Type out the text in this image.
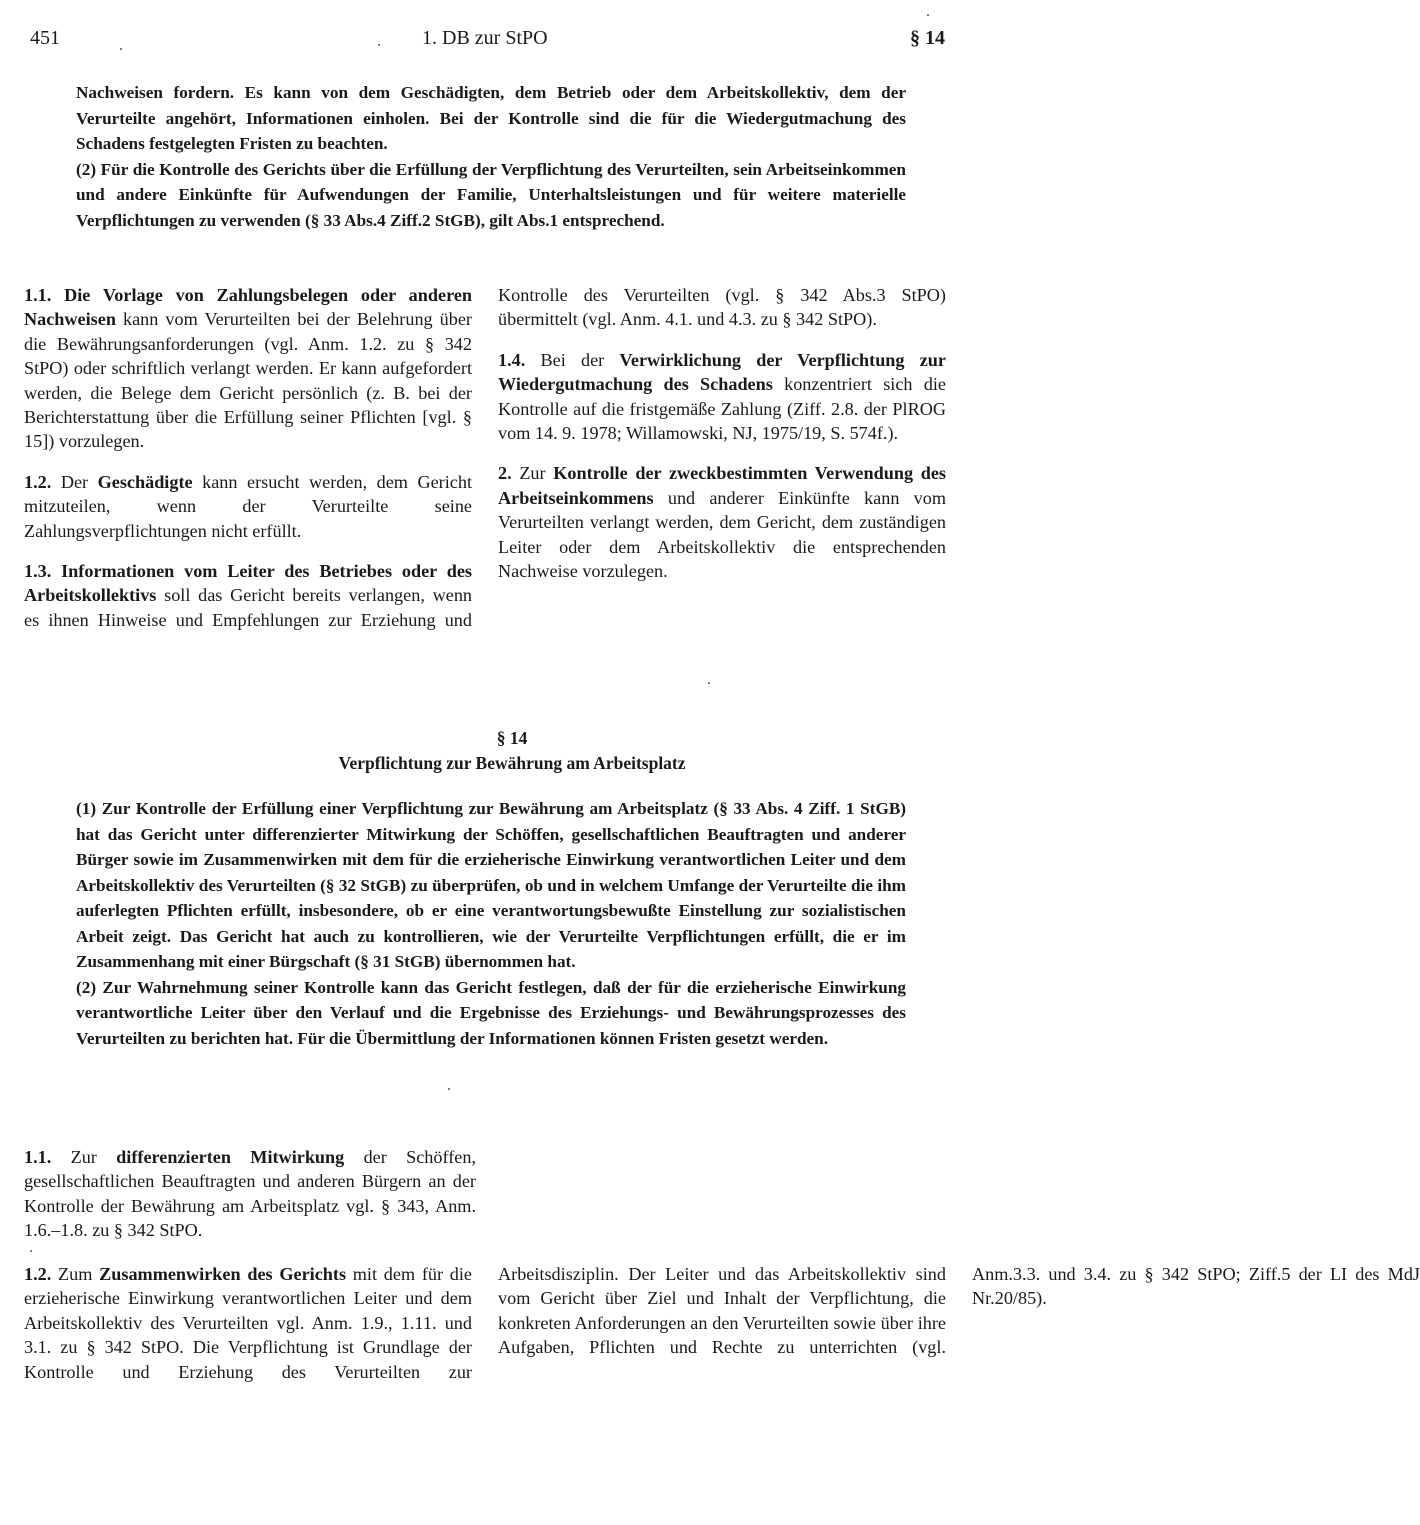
451	1. DB zur StPO	§ 14

Nachweisen fordern. Es kann von dem Geschädigten, dem Betrieb oder dem Arbeitskollektiv, dem der Verurteilte angehört, Informationen einholen. Bei der Kontrolle sind die für die Wiedergutmachung des Schadens festgelegten Fristen zu beachten.

(2) Für die Kontrolle des Gerichts über die Erfüllung der Verpflichtung des Verurteilten, sein Arbeitseinkommen und andere Einkünfte für Aufwendungen der Familie, Unterhaltsleistungen und für weitere materielle Verpflichtungen zu verwenden (§ 33 Abs.4 Ziff.2 StGB), gilt Abs.1 entsprechend.

1.1. Die Vorlage von Zahlungsbelegen oder anderen Nachweisen kann vom Verurteilten bei der Belehrung über die Bewährungsanforderungen (vgl. Anm. 1.2. zu § 342 StPO) oder schriftlich verlangt werden. Er kann aufgefordert werden, die Belege dem Gericht persönlich (z. B. bei der Berichterstattung über die Erfüllung seiner Pflichten [vgl. § 15]) vorzulegen.

1.2. Der Geschädigte kann ersucht werden, dem Gericht mitzuteilen, wenn der Verurteilte seine Zahlungsverpflichtungen nicht erfüllt.

1.3. Informationen vom Leiter des Betriebes oder des Arbeitskollektivs soll das Gericht bereits verlangen, wenn es ihnen Hinweise und Empfehlungen zur Erziehung und Kontrolle des Verurteilten (vgl. § 342 Abs.3 StPO) übermittelt (vgl. Anm. 4.1. und 4.3. zu § 342 StPO).

1.4. Bei der Verwirklichung der Verpflichtung zur Wiedergutmachung des Schadens konzentriert sich die Kontrolle auf die fristgemäße Zahlung (Ziff. 2.8. der PlROG vom 14. 9. 1978; Willamowski, NJ, 1975/19, S. 574f.).

2. Zur Kontrolle der zweckbestimmten Verwendung des Arbeitseinkommens und anderer Einkünfte kann vom Verurteilten verlangt werden, dem Gericht, dem zuständigen Leiter oder dem Arbeitskollektiv die entsprechenden Nachweise vorzulegen.

§ 14
Verpflichtung zur Bewährung am Arbeitsplatz

(1) Zur Kontrolle der Erfüllung einer Verpflichtung zur Bewährung am Arbeitsplatz (§ 33 Abs. 4 Ziff. 1 StGB) hat das Gericht unter differenzierter Mitwirkung der Schöffen, gesellschaftlichen Beauftragten und anderer Bürger sowie im Zusammenwirken mit dem für die erzieherische Einwirkung verantwortlichen Leiter und dem Arbeitskollektiv des Verurteilten (§ 32 StGB) zu überprüfen, ob und in welchem Umfange der Verurteilte die ihm auferlegten Pflichten erfüllt, insbesondere, ob er eine verantwortungsbewußte Einstellung zur sozialistischen Arbeit zeigt. Das Gericht hat auch zu kontrollieren, wie der Verurteilte Verpflichtungen erfüllt, die er im Zusammenhang mit einer Bürgschaft (§ 31 StGB) übernommen hat.

(2) Zur Wahrnehmung seiner Kontrolle kann das Gericht festlegen, daß der für die erzieherische Einwirkung verantwortliche Leiter über den Verlauf und die Ergebnisse des Erziehungs- und Bewährungsprozesses des Verurteilten zu berichten hat. Für die Übermittlung der Informationen können Fristen gesetzt werden.

1.1. Zur differenzierten Mitwirkung der Schöffen, gesellschaftlichen Beauftragten und anderen Bürgern an der Kontrolle der Bewährung am Arbeitsplatz vgl. § 343, Anm. 1.6.–1.8. zu § 342 StPO.

1.2. Zum Zusammenwirken des Gerichts mit dem für die erzieherische Einwirkung verantwortlichen Leiter und dem Arbeitskollektiv des Verurteilten vgl. Anm. 1.9., 1.11. und 3.1. zu § 342 StPO. Die Verpflichtung ist Grundlage der Kontrolle und Erziehung des Verurteilten zur Arbeitsdisziplin. Der Leiter und das Arbeitskollektiv sind vom Gericht über Ziel und Inhalt der Verpflichtung, die konkreten Anforderungen an den Verurteilten sowie über ihre Aufgaben, Pflichten und Rechte zu unterrichten (vgl. Anm.3.3. und 3.4. zu § 342 StPO; Ziff.5 der LI des MdJ Nr.20/85).
